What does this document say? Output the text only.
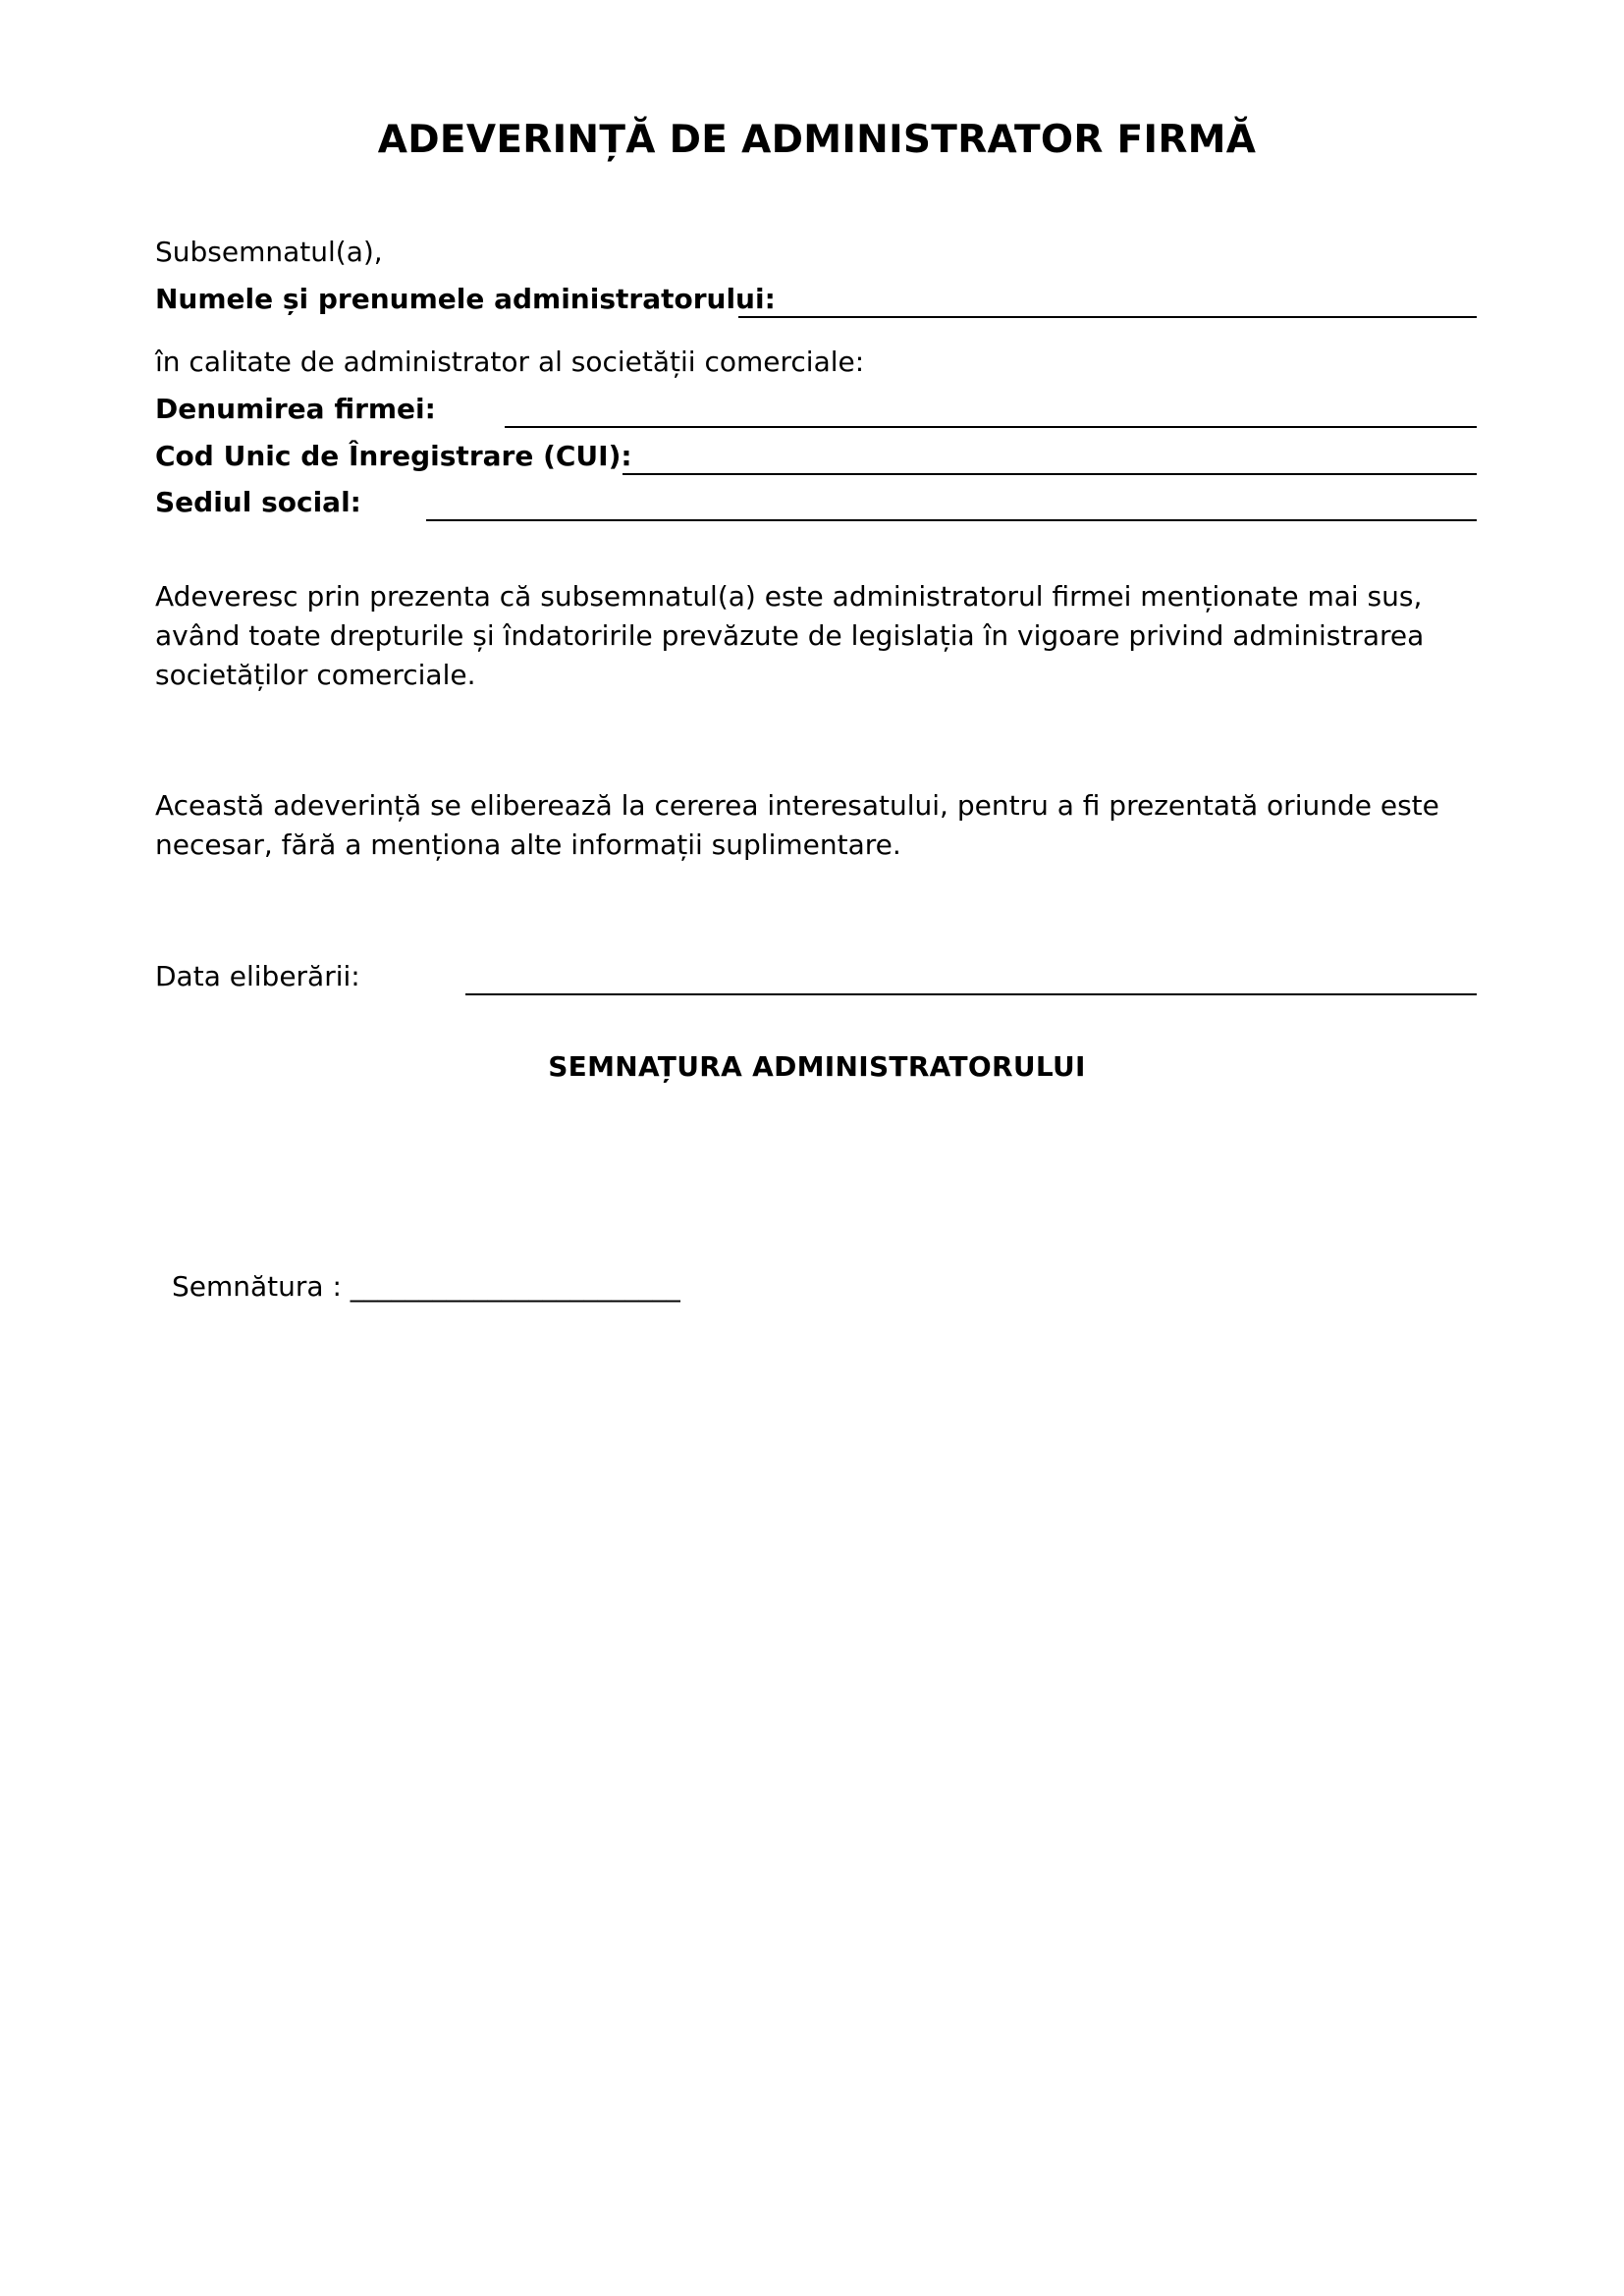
ADEVERINȚĂ DE ADMINISTRATOR FIRMĂ
Subsemnatul(a),
Numele și prenumele administratorului:
în calitate de administrator al societății comerciale:
Denumirea firmei:
Cod Unic de Înregistrare (CUI):
Sediul social:
Adeveresc prin prezenta că subsemnatul(a) este administratorul firmei menționate mai sus,
având toate drepturile și îndatoririle prevăzute de legislația în vigoare privind administrarea
societăților comerciale.
Această adeverință se eliberează la cererea interesatului, pentru a fi prezentată oriunde este
necesar, fără a menționa alte informații suplimentare.
Data eliberării:
SEMNAȚURA ADMINISTRATORULUI
Semnătura : ________________________
